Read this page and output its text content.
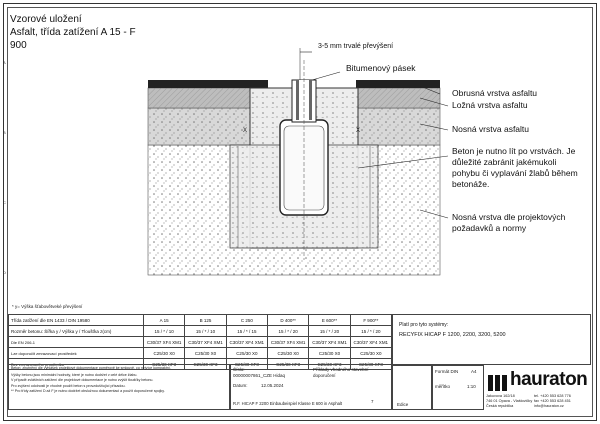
A
B
C
D
Vzorové uložení
Asfalt, třída zatížení A 15 - F
900	3-5 mm trvalé převýšení
Bitumenový pásek
Obrusná vrstva asfaltu
Ložná vrstva asfaltu
Nosná vrstva asfaltu
Beton je nutno lít po vrstvách. Je
důležité zabránit jakémukoli
pohybu či vyplavání žlabů během
betonáže.
Nosná vrstva dle projektových
požadavků a normy
X	X
* y= Výška šťabovětveké převýšení
Třída zatížení dle EN 1433 / DIN 19580	A 15	B 125	C 250	D 400**	E 600**	F 900**
Rozměr betonu: Šířka y / Výška y / Tloušťka z(cm)	15 / * / 10	15 / * / 10	15 / * / 15	15 / * / 20	15 / * / 20	15 / * / 20
Dle EN 206-1	C30/37 XF4 XM1	C30/37 XF4 XM1	C30/37 XF4 XM1	C30/37 XF4 XM1	C30/37 XF4 XM1	C30/37 XF4 XM1
Lze doporučit zmrazovací prostředek	C25/30 X0	C25/30 X0	C25/30 X0	C25/30 X0	C25/30 X0	C25/30 X0
Bez zmrazovacího prostředku	C25/30 XF3	C25/30 XF3	C25/30 XF3	C25/30 XF3	C25/30 XF3	C25/30 XF3
Platí pro tyto systémy:
RECYFIX HICAP F 1200, 2200, 3200, 5200
Beton: zhutněný dle vyhlášek projektové dokumentace poměrově ke smlouvě, co nejvíce kompaktní.
Výšky betonu jsou minimální hodnoty, které je nutno dodržet v celé délce žlabu.
V případě zvláštních zatížení dle projektové dokumentace je nutno zvýšit tloušťky betonu.
Pro zvýšení odolnosti je vhodné použít beton s provzdušňující přísadou.
** Pro třídy zatížení D až F je nutno dodržet obslužnou dokumentaci a použít doporučené spojky.
Číslo:
00000007861_CZE Hidaq
Datum:	12.05.2024
Příklady vhodného stavební doporučení
7
R.F. HICAP F 2200 Einbaubeispiel Klasse E 600 in Asphalt	Edice
Formát DIN	A4
měřítko	1:10 hauraton
Jakuvova 162/18
746 01 Opava - Vlaštovičky
Česká republika
tel. +420 553 628 776
fax +420 553 628 451
info@hauraton.cz
